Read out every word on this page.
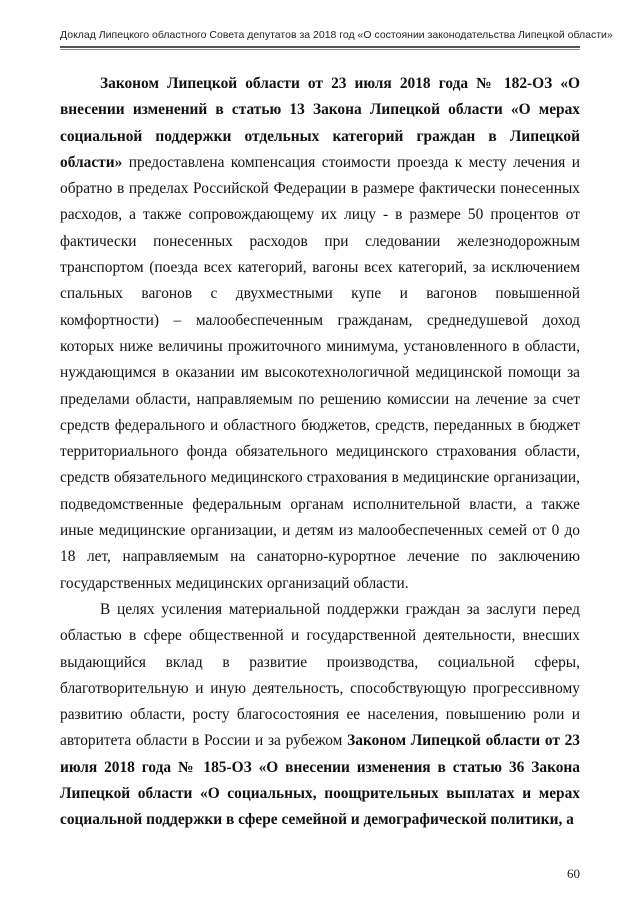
Доклад Липецкого областного Совета депутатов за 2018 год «О состоянии законодательства Липецкой области»

Законом Липецкой области от 23 июля 2018 года № 182-ОЗ «О внесении изменений в статью 13 Закона Липецкой области «О мерах социальной поддержки отдельных категорий граждан в Липецкой области» предоставлена компенсация стоимости проезда к месту лечения и обратно в пределах Российской Федерации в размере фактически понесенных расходов, а также сопровождающему их лицу - в размере 50 процентов от фактически понесенных расходов при следовании железнодорожным транспортом (поезда всех категорий, вагоны всех категорий, за исключением спальных вагонов с двухместными купе и вагонов повышенной комфортности) – малообеспеченным гражданам, среднедушевой доход которых ниже величины прожиточного минимума, установленного в области, нуждающимся в оказании им высокотехнологичной медицинской помощи за пределами области, направляемым по решению комиссии на лечение за счет средств федерального и областного бюджетов, средств, переданных в бюджет территориального фонда обязательного медицинского страхования области, средств обязательного медицинского страхования в медицинские организации, подведомственные федеральным органам исполнительной власти, а также иные медицинские организации, и детям из малообеспеченных семей от 0 до 18 лет, направляемым на санаторно-курортное лечение по заключению государственных медицинских организаций области.

В целях усиления материальной поддержки граждан за заслуги перед областью в сфере общественной и государственной деятельности, внесших выдающийся вклад в развитие производства, социальной сферы, благотворительную и иную деятельность, способствующую прогрессивному развитию области, росту благосостояния ее населения, повышению роли и авторитета области в России и за рубежом Законом Липецкой области от 23 июля 2018 года № 185-ОЗ «О внесении изменения в статью 36 Закона Липецкой области «О социальных, поощрительных выплатах и мерах социальной поддержки в сфере семейной и демографической политики, а

60
